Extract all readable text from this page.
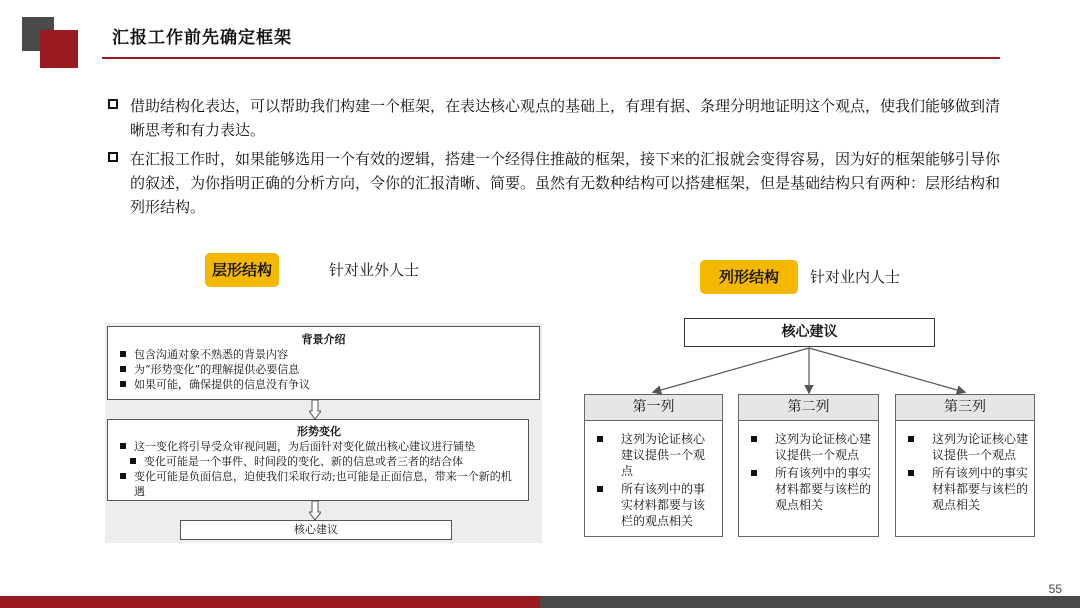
汇报工作前先确定框架
借助结构化表达，可以帮助我们构建一个框架，在表达核心观点的基础上，有理有据、条理分明地证明这个观点，使我们能够做到清晰思考和有力表达。
在汇报工作时，如果能够选用一个有效的逻辑，搭建一个经得住推敲的框架，接下来的汇报就会变得容易，因为好的框架能够引导你的叙述，为你指明正确的分析方向，令你的汇报清晰、简要。虽然有无数种结构可以搭建框架，但是基础结构只有两种：层形结构和列形结构。
层形结构	针对业外人士
背景介绍
包含沟通对象不熟悉的背景内容
为“形势变化”的理解提供必要信息
如果可能，确保提供的信息没有争议
形势变化
这一变化将引导受众审视问题，为后面针对变化做出核心建议进行铺垫
变化可能是一个事件、时间段的变化、新的信息或者三者的结合体
变化可能是负面信息，迫使我们采取行动;也可能是正面信息，带来一个新的机遇
核心建议
列形结构	针对业内人士
核心建议
第一列
这列为论证核心建议提供一个观点
所有该列中的事实材料都要与该栏的观点相关
第二列
这列为论证核心建议提供一个观点
所有该列中的事实材料都要与该栏的观点相关
第三列
这列为论证核心建议提供一个观点
所有该列中的事实材料都要与该栏的观点相关
55
